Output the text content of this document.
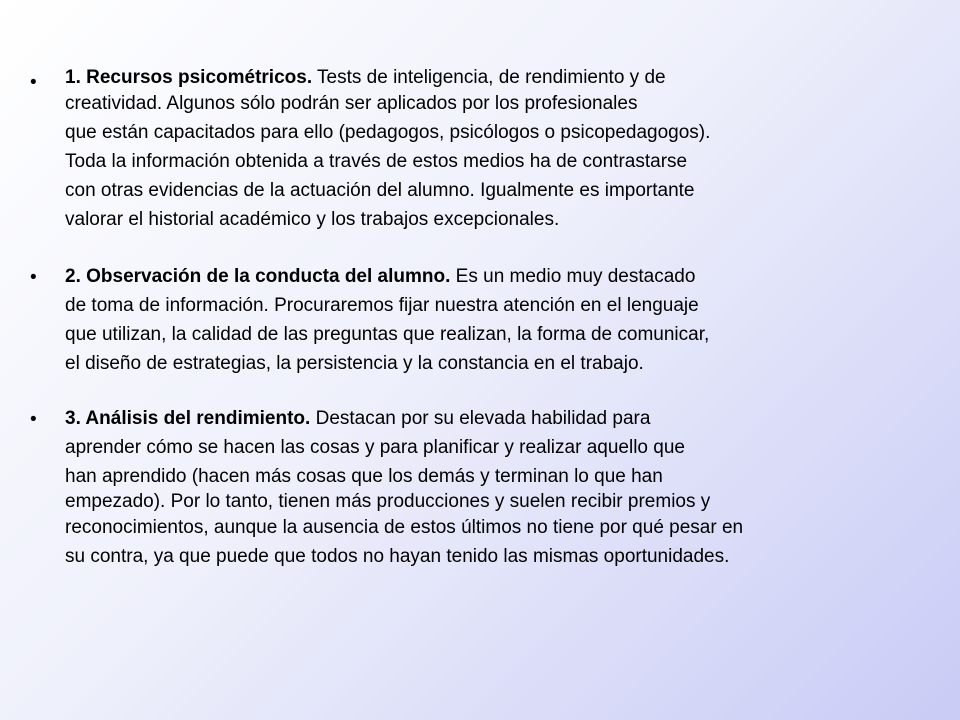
• 1. Recursos psicométricos. Tests de inteligencia, de rendimiento y de
creatividad. Algunos sólo podrán ser aplicados por los profesionales
que están capacitados para ello (pedagogos, psicólogos o psicopedagogos).
Toda la información obtenida a través de estos medios ha de contrastarse
con otras evidencias de la actuación del alumno. Igualmente es importante
valorar el historial académico y los trabajos excepcionales.
• 2. Observación de la conducta del alumno. Es un medio muy destacado
de toma de información. Procuraremos fijar nuestra atención en el lenguaje
que utilizan, la calidad de las preguntas que realizan, la forma de comunicar,
el diseño de estrategias, la persistencia y la constancia en el trabajo.
• 3. Análisis del rendimiento. Destacan por su elevada habilidad para
aprender cómo se hacen las cosas y para planificar y realizar aquello que
han aprendido (hacen más cosas que los demás y terminan lo que han
empezado). Por lo tanto, tienen más producciones y suelen recibir premios y
reconocimientos, aunque la ausencia de estos últimos no tiene por qué pesar en
su contra, ya que puede que todos no hayan tenido las mismas oportunidades.
